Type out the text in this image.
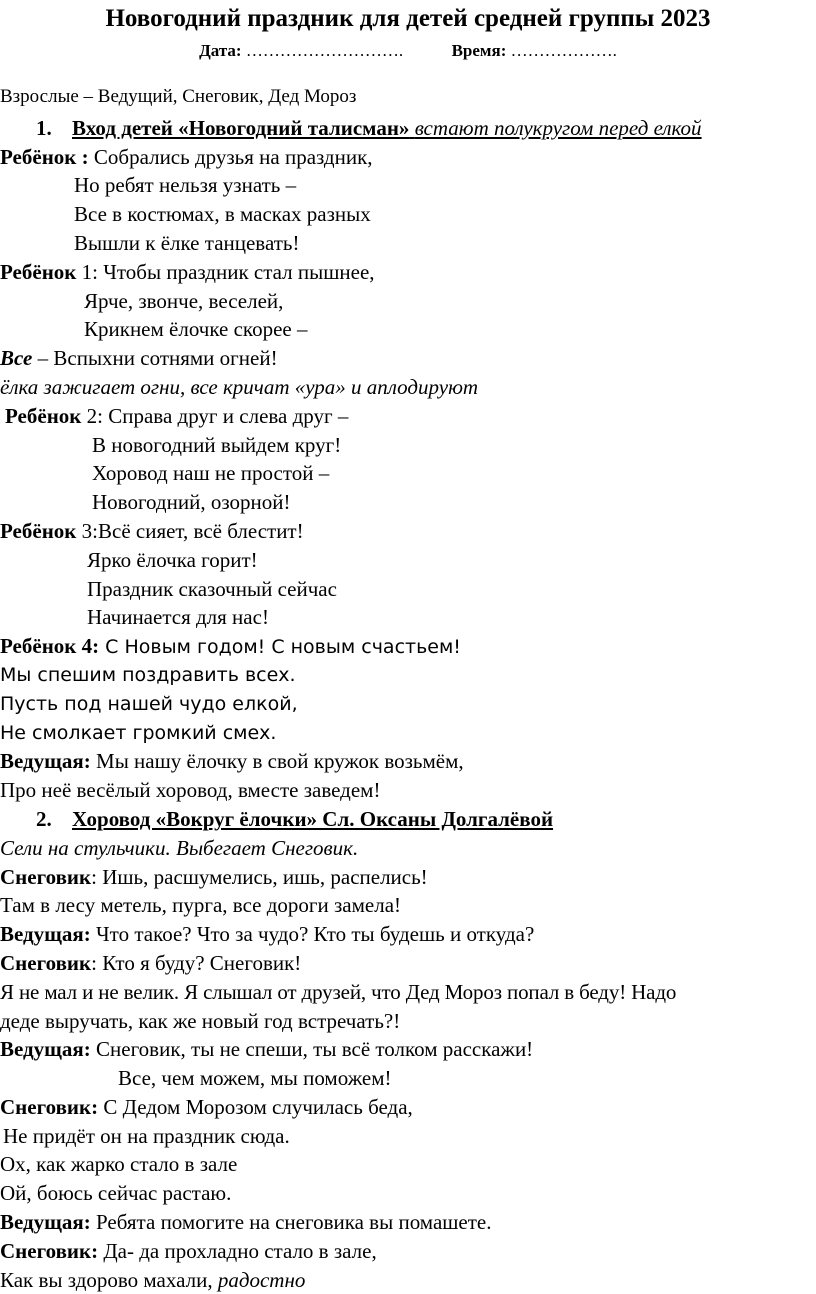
Новогодний праздник для детей средней группы 2023
Дата: ……………………….	Время: ……………….
Взрослые – Ведущий, Снеговик, Дед Мороз
1. Вход детей «Новогодний талисман» встают полукругом перед елкой
Ребёнок : Собрались друзья на праздник,
Но ребят нельзя узнать –
Все в костюмах, в масках разных
Вышли к ёлке танцевать!
Ребёнок 1: Чтобы праздник стал пышнее,
Ярче, звонче, веселей,
Крикнем ёлочке скорее –
Все – Вспыхни сотнями огней!
ёлка зажигает огни, все кричат «ура» и аплодируют
Ребёнок 2: Справа друг и слева друг –
В новогодний выйдем круг!
Хоровод наш не простой –
Новогодний, озорной!
Ребёнок 3:Всё сияет, всё блестит!
Ярко ёлочка горит!
Праздник сказочный сейчас
Начинается для нас!
Ребёнок 4: С Новым годом! С новым счастьем!
Мы спешим поздравить всех.
Пусть под нашей чудо елкой,
Не смолкает громкий смех.
Ведущая: Мы нашу ёлочку в свой кружок возьмём,
Про неё весёлый хоровод, вместе заведем!
2. Хоровод «Вокруг ёлочки» Сл. Оксаны Долгалёвой
Сели на стульчики. Выбегает Снеговик.
Снеговик: Ишь, расшумелись, ишь, распелись!
Там в лесу метель, пурга, все дороги замела!
Ведущая: Что такое? Что за чудо? Кто ты будешь и откуда?
Снеговик: Кто я буду? Снеговик!
Я не мал и не велик. Я слышал от друзей, что Дед Мороз попал в беду! Надо
деде выручать, как же новый год встречать?!
Ведущая: Снеговик, ты не спеши, ты всё толком расскажи!
Все, чем можем, мы поможем!
Снеговик: С Дедом Морозом случилась беда,
Не придёт он на праздник сюда.
Ох, как жарко стало в зале
Ой, боюсь сейчас растаю.
Ведущая: Ребята помогите на снеговика вы помашете.
Снеговик: Да- да прохладно стало в зале,
Как вы здорово махали, радостно
